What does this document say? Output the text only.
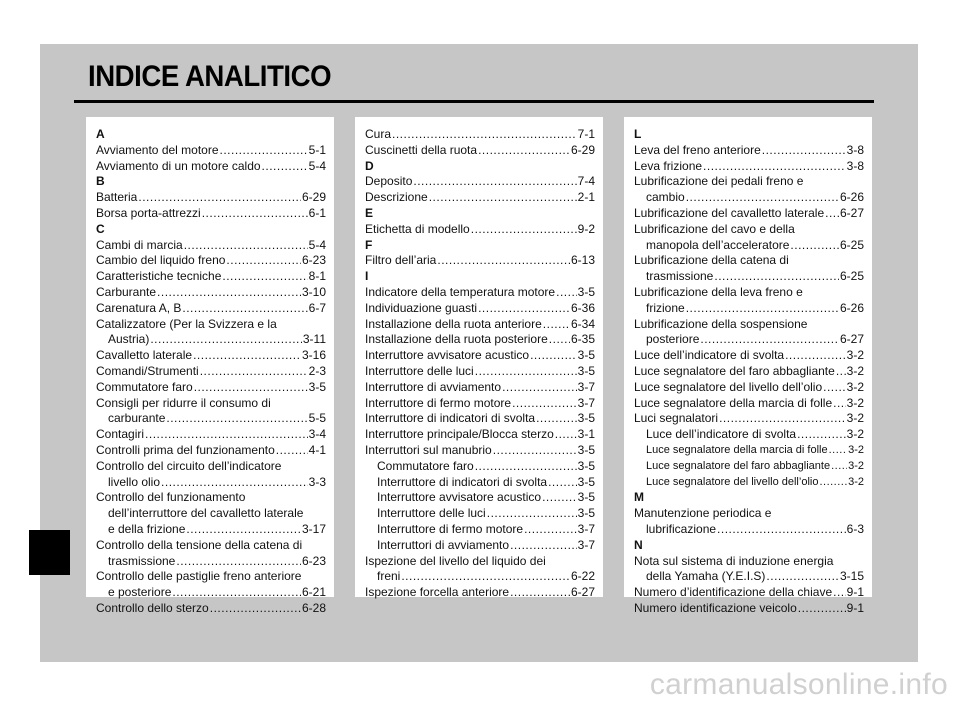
INDICE ANALITICO
A
Avviamento del motore .....	5-1
Avviamento di un motore caldo .....	5-4
B
Batteria .....	6-29
Borsa porta-attrezzi .....	6-1
C
Cambi di marcia .....	5-4
Cambio del liquido freno .....	6-23
Caratteristiche tecniche .....	8-1
Carburante .....	3-10
Carenatura A, B .....	6-7
Catalizzatore (Per la Svizzera e la
Austria) .....	3-11
Cavalletto laterale .....	3-16
Comandi/Strumenti .....	2-3
Commutatore faro .....	3-5
Consigli per ridurre il consumo di
carburante .....	5-5
Contagiri .....	3-4
Controlli prima del funzionamento .....	4-1
Controllo del circuito dell’indicatore
livello olio .....	3-3
Controllo del funzionamento
dell’interruttore del cavalletto laterale
e della frizione .....	3-17
Controllo della tensione della catena di
trasmissione .....	6-23
Controllo delle pastiglie freno anteriore
e posteriore .....	6-21
Controllo dello sterzo .....	6-28
Cura .....	7-1
Cuscinetti della ruota .....	6-29
D
Deposito .....	7-4
Descrizione .....	2-1
E
Etichetta di modello .....	9-2
F
Filtro dell’aria .....	6-13
I
Indicatore della temperatura motore ..... 3-5
Individuazione guasti .....	6-36
Installazione della ruota anteriore ..... 6-34
Installazione della ruota posteriore ..... 6-35
Interruttore avvisatore acustico .....	3-5
Interruttore delle luci .....	3-5
Interruttore di avviamento .....	3-7
Interruttore di fermo motore .....	3-7
Interruttore di indicatori di svolta .....	3-5
Interruttore principale/Blocca sterzo ..... 3-1
Interruttori sul manubrio .....	3-5
Commutatore faro .....	3-5
Interruttore di indicatori di svolta .....	3-5
Interruttore avvisatore acustico .....	3-5
Interruttore delle luci .....	3-5
Interruttore di fermo motore .....	3-7
Interruttori di avviamento .....	3-7
Ispezione del livello del liquido dei
freni .....	6-22
Ispezione forcella anteriore .....	6-27
L
Leva del freno anteriore .....	3-8
Leva frizione .....	3-8
Lubrificazione dei pedali freno e
cambio .....	6-26
Lubrificazione del cavalletto laterale ..... 6-27
Lubrificazione del cavo e della
manopola dell’acceleratore .....	6-25
Lubrificazione della catena di
trasmissione .....	6-25
Lubrificazione della leva freno e
frizione .....	6-26
Lubrificazione della sospensione
posteriore .....	6-27
Luce dell’indicatore di svolta .....	3-2
Luce segnalatore del faro abbagliante ..... 3-2
Luce segnalatore del livello dell’olio ..... 3-2
Luce segnalatore della marcia di folle ..... 3-2
Luci segnalatori .....	3-2
Luce dell’indicatore di svolta .....	3-2
Luce segnalatore della marcia di folle ..... 3-2
Luce segnalatore del faro abbagliante ..... 3-2
Luce segnalatore del livello dell’olio .....	3-2
M
Manutenzione periodica e
lubrificazione .....	6-3
N
Nota sul sistema di induzione energia
della Yamaha (Y.E.I.S) .....	3-15
Numero d’identificazione della chiave ..... 9-1
Numero identificazione veicolo .....	9-1
carmanualsonline.info
